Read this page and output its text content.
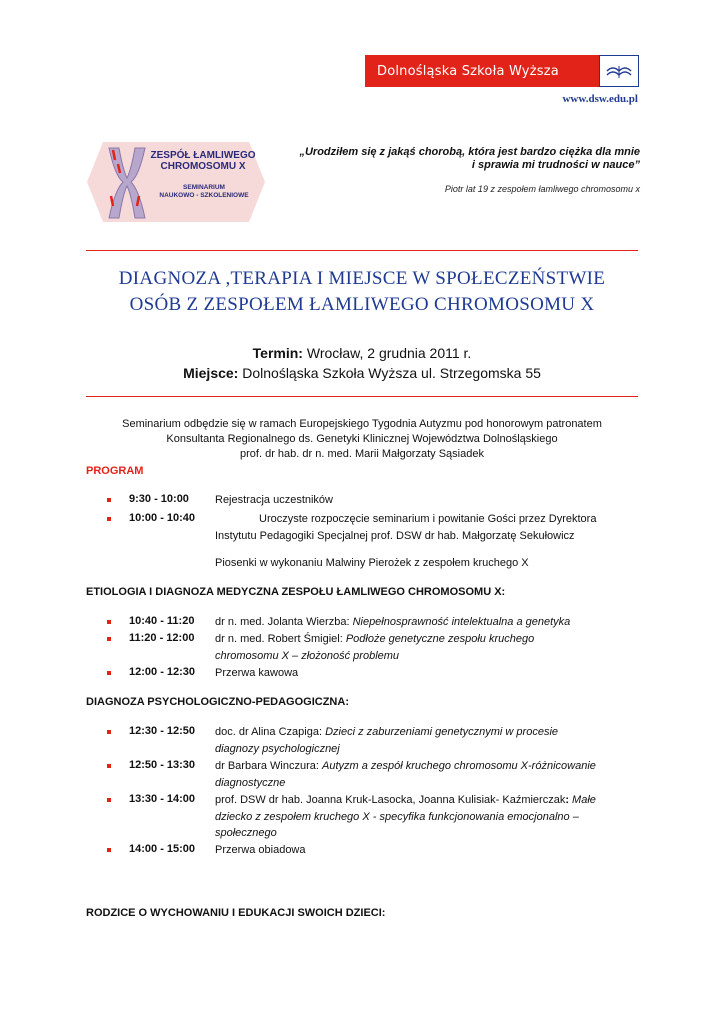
Dolnośląska Szkoła Wyższa
www.dsw.edu.pl
ZESPÓŁ ŁAMLIWEGO
CHROMOSOMU X
SEMINARIUM
NAUKOWO - SZKOLENIOWE
„Urodziłem się z jakąś chorobą, która jest bardzo ciężka dla mnie
i sprawia mi trudności w nauce”
Piotr lat 19 z zespołem łamliwego chromosomu x
DIAGNOZA ,TERAPIA I MIEJSCE W SPOŁECZEŃSTWIE
OSÓB Z ZESPOŁEM ŁAMLIWEGO CHROMOSOMU X
Termin: Wrocław, 2 grudnia 2011 r.
Miejsce: Dolnośląska Szkoła Wyższa ul. Strzegomska 55
Seminarium odbędzie się w ramach Europejskiego Tygodnia Autyzmu pod honorowym patronatem
Konsultanta Regionalnego ds. Genetyki Klinicznej Województwa Dolnośląskiego
prof. dr hab. dr n. med. Marii Małgorzaty Sąsiadek
PROGRAM
9:30 - 10:00 Rejestracja uczestników
10:00 - 10:40	Uroczyste rozpoczęcie seminarium i powitanie Gości przez Dyrektora
Instytutu Pedagogiki Specjalnej prof. DSW dr hab. Małgorzatę Sekułowicz
Piosenki w wykonaniu Malwiny Pierożek z zespołem kruchego X
ETIOLOGIA I DIAGNOZA MEDYCZNA ZESPOŁU ŁAMLIWEGO CHROMOSOMU X:
10:40 - 11:20 dr n. med. Jolanta Wierzba: Niepełnosprawność intelektualna a genetyka
11:20 - 12:00 dr n. med. Robert Śmigiel: Podłoże genetyczne zespołu kruchego
chromosomu X – złożoność problemu
12:00 - 12:30 Przerwa kawowa
DIAGNOZA PSYCHOLOGICZNO-PEDAGOGICZNA:
12:30 - 12:50 doc. dr Alina Czapiga: Dzieci z zaburzeniami genetycznymi w procesie
diagnozy psychologicznej
12:50 - 13:30 dr Barbara Winczura: Autyzm a zespół kruchego chromosomu X-różnicowanie
diagnostyczne
13:30 - 14:00 prof. DSW dr hab. Joanna Kruk-Lasocka, Joanna Kulisiak- Kaźmierczak: Małe
dziecko z zespołem kruchego X - specyfika funkcjonowania emocjonalno –
społecznego
14:00 - 15:00 Przerwa obiadowa
RODZICE O WYCHOWANIU I EDUKACJI SWOICH DZIECI:
